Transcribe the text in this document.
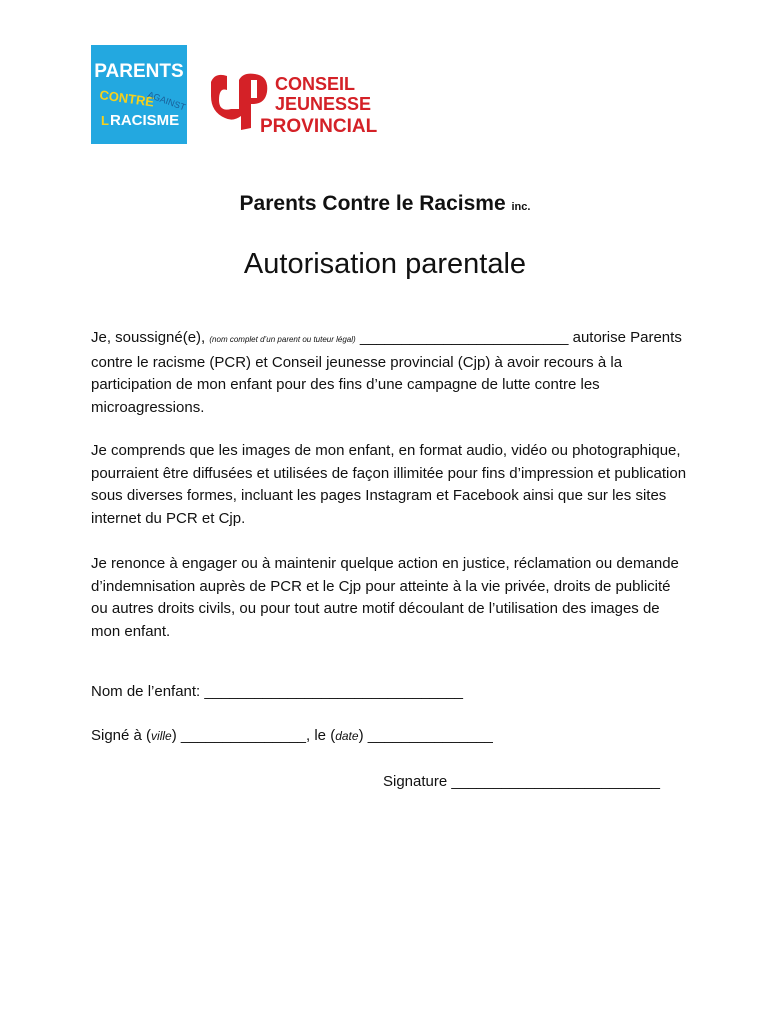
PARENTS
CONTRE
AGAINST
L RACISME
CONSEIL
JEUNESSE
PROVINCIAL
Parents Contre le Racisme inc.
Autorisation parentale

Je, soussigné(e), (nom complet d’un parent ou tuteur légal) _________________________ autorise Parents contre le racisme (PCR) et Conseil jeunesse provincial (Cjp) à avoir recours à la participation de mon enfant pour des fins d’une campagne de lutte contre les microagressions.

Je comprends que les images de mon enfant, en format audio, vidéo ou photographique, pourraient être diffusées et utilisées de façon illimitée pour fins d’impression et publication sous diverses formes, incluant les pages Instagram et Facebook ainsi que sur les sites internet du PCR et Cjp.

Je renonce à engager ou à maintenir quelque action en justice, réclamation ou demande d’indemnisation auprès de PCR et le Cjp pour atteinte à la vie privée, droits de publicité ou autres droits civils, ou pour tout autre motif découlant de l’utilisation des images de mon enfant.

Nom de l’enfant: _______________________________
Signé à (ville) _______________, le (date) _______________
Signature _________________________
